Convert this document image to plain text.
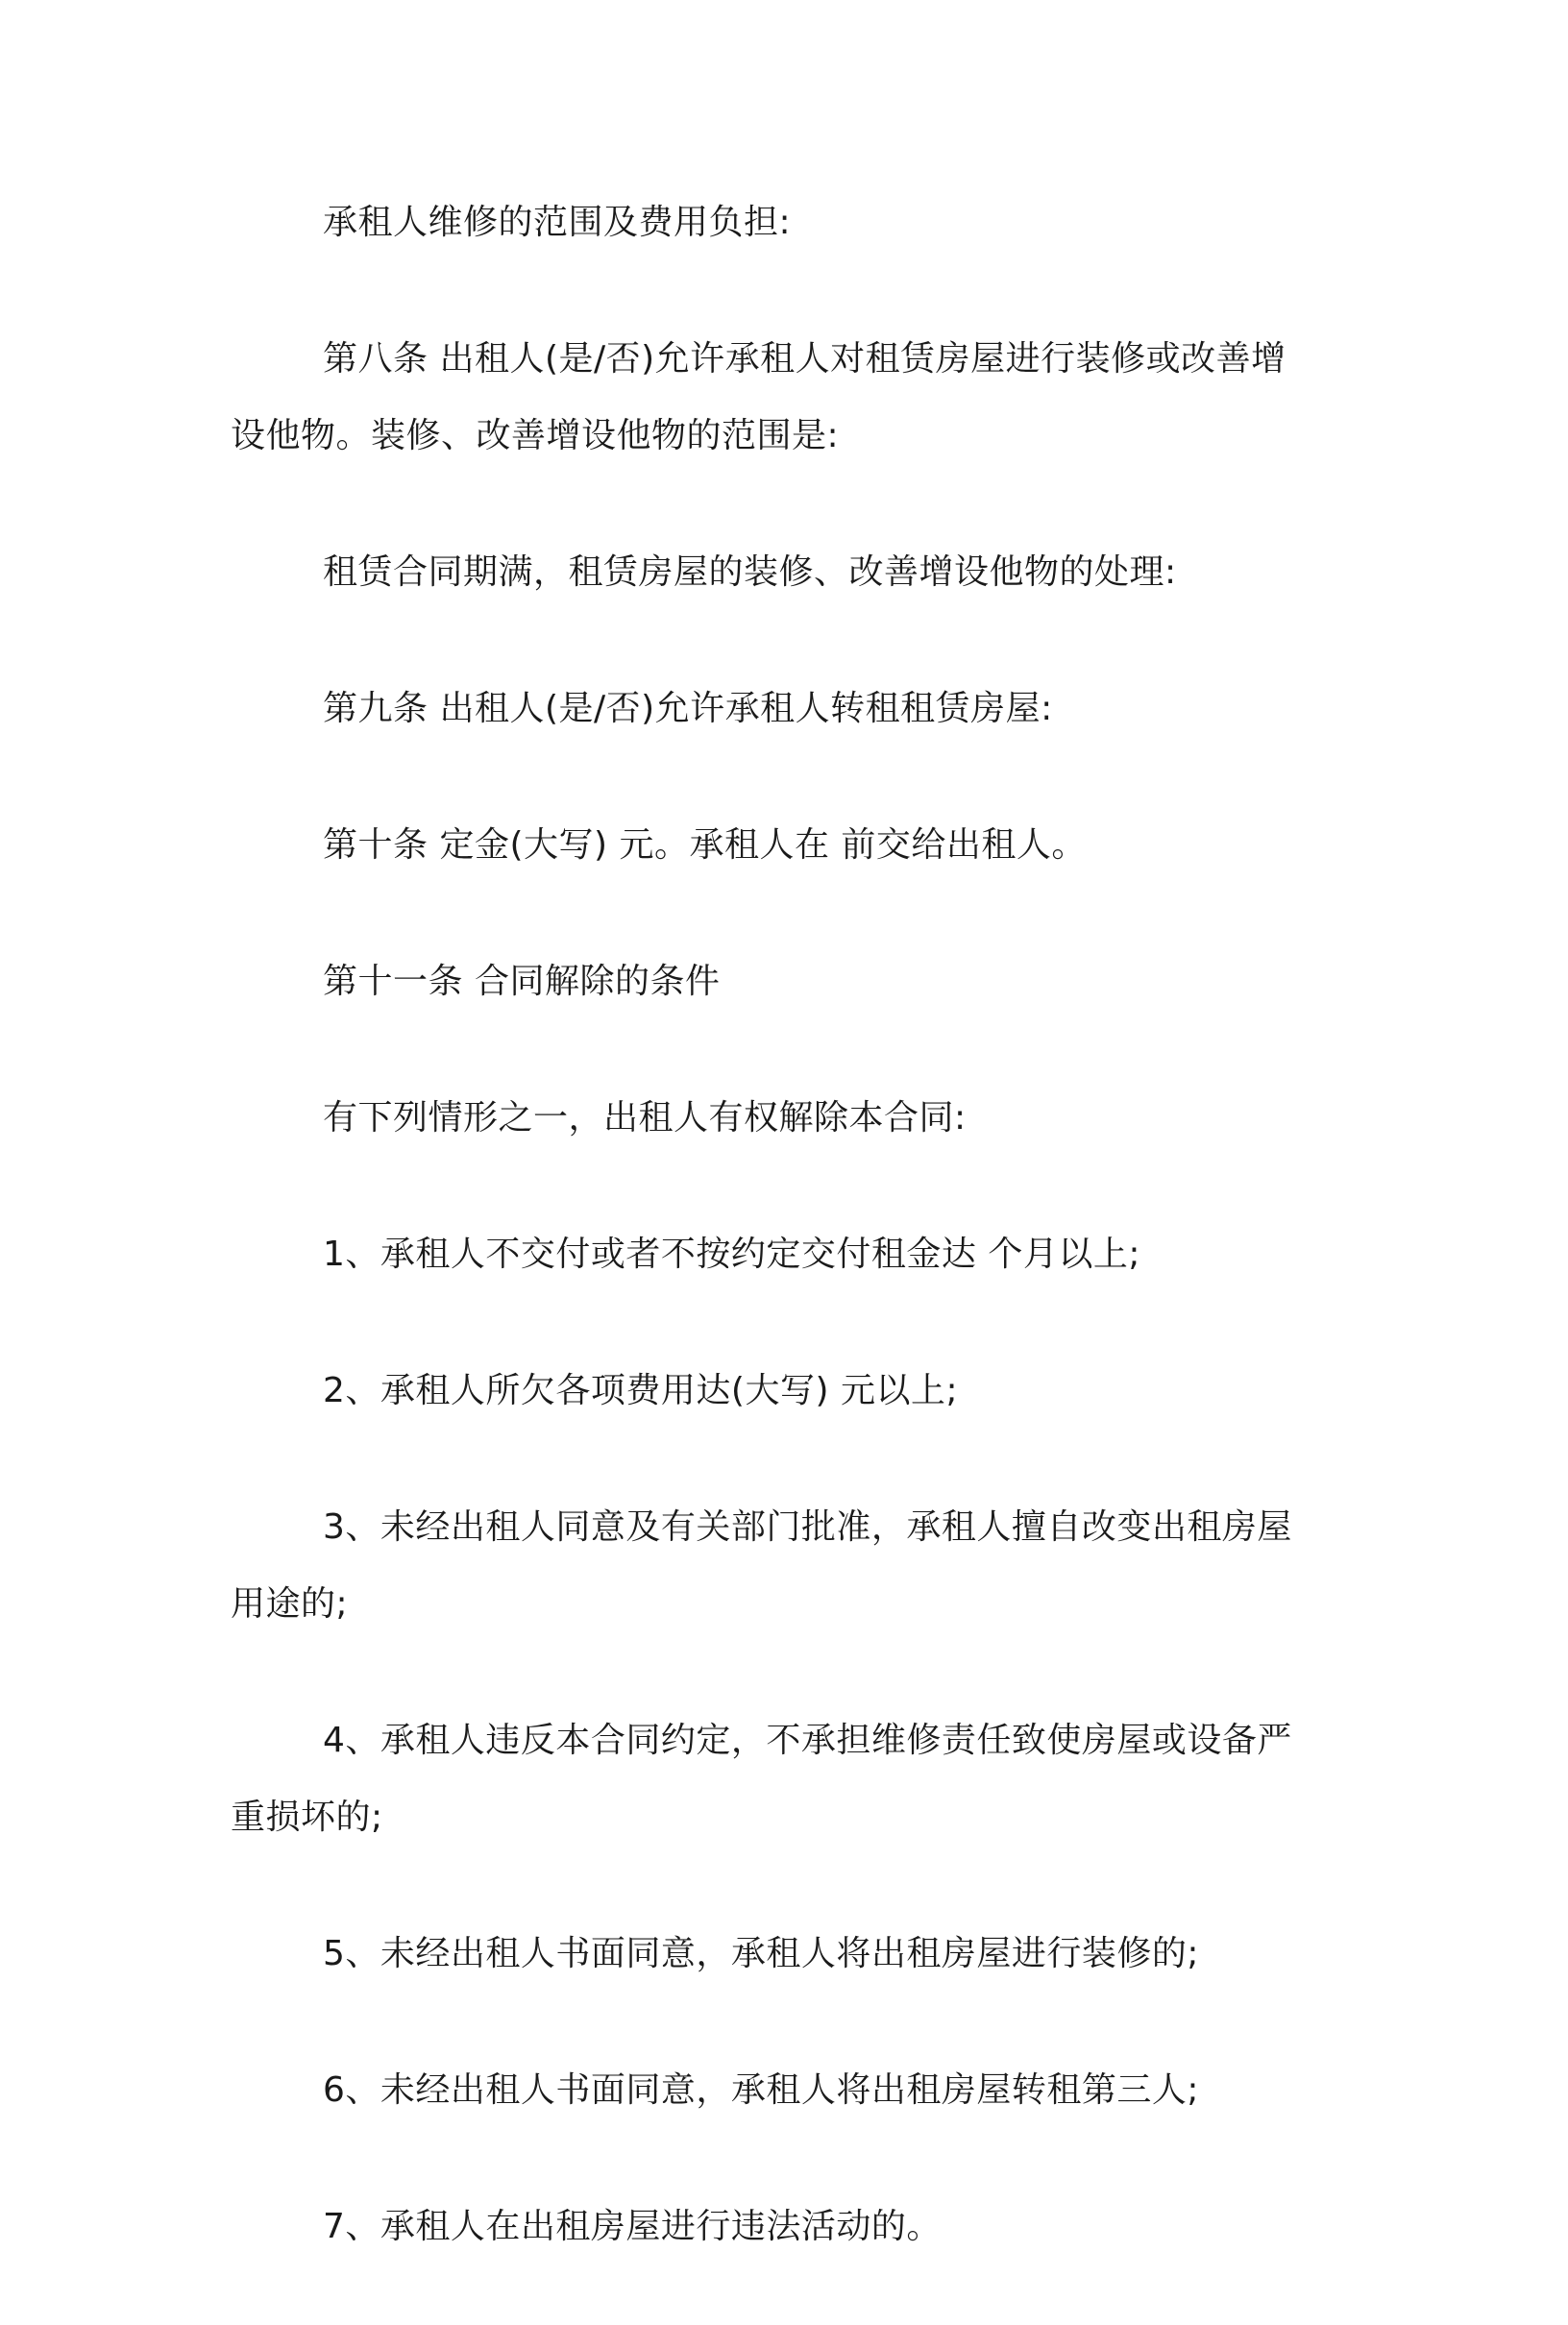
承租人维修的范围及费用负担:

第八条 出租人(是/否)允许承租人对租赁房屋进行装修或改善增设他物。装修、改善增设他物的范围是:

租赁合同期满，租赁房屋的装修、改善增设他物的处理:

第九条 出租人(是/否)允许承租人转租租赁房屋:

第十条 定金(大写) 元。承租人在 前交给出租人。

第十一条 合同解除的条件

有下列情形之一，出租人有权解除本合同:

1、承租人不交付或者不按约定交付租金达 个月以上;

2、承租人所欠各项费用达(大写) 元以上;

3、未经出租人同意及有关部门批准，承租人擅自改变出租房屋用途的;

4、承租人违反本合同约定，不承担维修责任致使房屋或设备严重损坏的;

5、未经出租人书面同意，承租人将出租房屋进行装修的;

6、未经出租人书面同意，承租人将出租房屋转租第三人;

7、承租人在出租房屋进行违法活动的。
